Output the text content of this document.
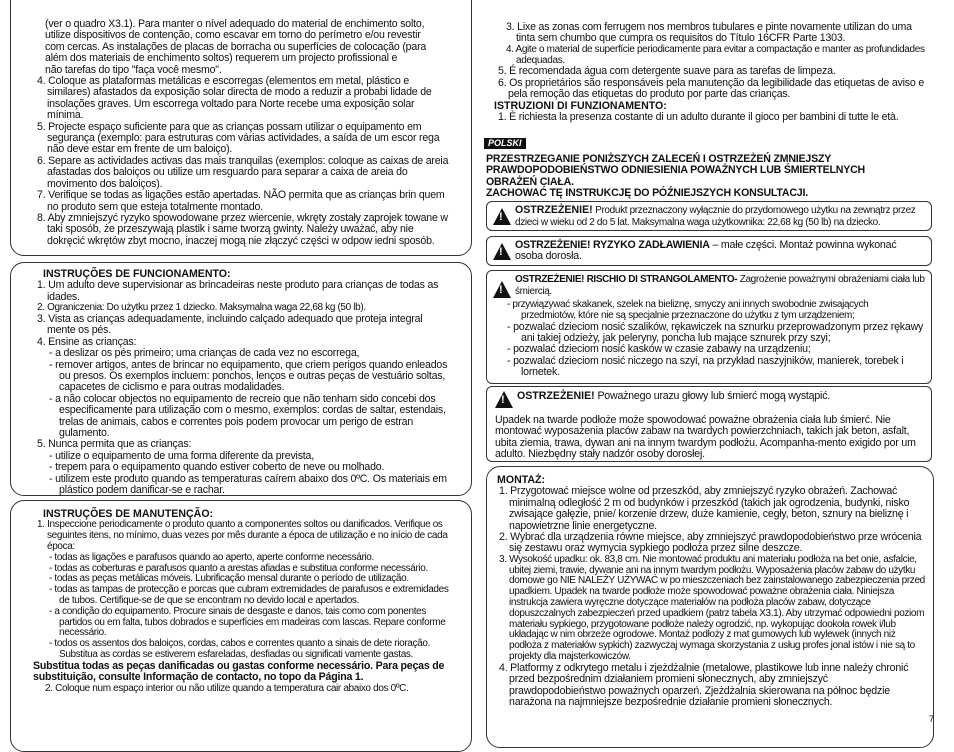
(ver o quadro X3.1). Para manter o nível adequado do material de enchimento solto,

utilize dispositivos de contenção, como escavar em torno do perímetro e/ou revestir

com cercas. As instalações de placas de borracha ou superfícies de colocação (para

além dos materiais de enchimento soltos) requerem um projecto profissional e

não tarefas do tipo "faça você mesmo".

4. Coloque as plataformas metálicas e escorregas (elementos em metal, plástico e similares) afastados da exposição solar directa de modo a reduzir a probabi lidade de insolações graves. Um escorrega voltado para Norte recebe uma exposição solar mínima.

5. Projecte espaço suficiente para que as crianças possam utilizar o equipamento em segurança (exemplo: para estruturas com várias actividades, a saída de um escor rega não deve estar em frente de um baloiço).

6. Separe as actividades activas das mais tranquilas (exemplos: coloque as caixas de areia afastadas dos baloiços ou utilize um resguardo para separar a caixa de areia do movimento dos baloiços).

7. Verifique se todas as ligações estão apertadas. NÃO permita que as crianças brin quem no produto sem que esteja totalmente montado.

8. Aby zmniejszyć ryzyko spowodowane przez wiercenie, wkręty zostały zaprojek towane w taki sposób, że przeszywają plastik i same tworzą gwinty. Należy uważać, aby nie dokręcić wkrętów zbyt mocno, inaczej mogą nie złączyć części w odpow iedni sposób.

INSTRUÇÕES DE FUNCIONAMENTO:

1. Um adulto deve supervisionar as brincadeiras neste produto para crianças de todas as idades.

2. Ograniczenia: Do użytku przez 1 dziecko. Maksymalna waga 22,68 kg (50 lb).

3. Vista as crianças adequadamente, incluindo calçado adequado que proteja integral mente os pés.

4. Ensine as crianças:

- a deslizar os pés primeiro; uma crianças de cada vez no escorrega,

- remover artigos, antes de brincar no equipamento, que criem perigos quando enleados ou presos. Os exemplos incluem: ponchos, lenços e outras peças de vestuário soltas, capacetes de ciclismo e para outras modalidades.

- a não colocar objectos no equipamento de recreio que não tenham sido concebi dos especificamente para utilização com o mesmo, exemplos: cordas de saltar, estendais, trelas de animais, cabos e correntes pois podem provocar um perigo de estran gulamento.

5. Nunca permita que as crianças:

- utilize o equipamento de uma forma diferente da prevista,

- trepem para o equipamento quando estiver coberto de neve ou molhado.

- utilizem este produto quando as temperaturas caírem abaixo dos 0ºC. Os materiais em plástico podem danificar-se e rachar.

INSTRUÇÕES DE MANUTENÇÃO:

1. Inspeccione periodicamente o produto quanto a componentes soltos ou danificados. Verifique os seguintes itens, no mínimo, duas vezes por mês durante a época de utilização e no início de cada época:

- todas as ligações e parafusos quando ao aperto, aperte conforme necessário.

- todas as coberturas e parafusos quanto a arestas afiadas e substitua conforme necessário.

- todas as peças metálicas móveis. Lubrificação mensal durante o período de utilização.

- todas as tampas de protecção e porcas que cubram extremidades de parafusos e extremidades de tubos. Certifique-se de que se encontram no devido local e apertados.

- a condição do equipamento. Procure sinais de desgaste e danos, tais como com ponentes partidos ou em falta, tubos dobrados e superfícies em madeiras com lascas. Repare conforme necessário.

- todos os assentos dos baloiços, cordas, cabos e correntes quanto a sinais de dete rioração. Substitua as cordas se estiverem esfareladas, desfiadas ou significati vamente gastas.

Substitua todas as peças danificadas ou gastas conforme necessário. Para peças de substituição, consulte Informação de contacto, no topo da Página 1.

2. Coloque num espaço interior ou não utilize quando a temperatura cair abaixo dos 0ºC.

3. Lixe as zonas com ferrugem nos membros tubulares e pinte novamente utilizan do uma tinta sem chumbo que cumpra os requisitos do Título 16CFR Parte 1303.

4. Agite o material de superfície periodicamente para evitar a compactação e manter as profundidades adequadas.

5. É recomendada água com detergente suave para as tarefas de limpeza.

6. Os proprietários são responsáveis pela manutenção da legibilidade das etiquetas de aviso e pela remoção das etiquetas do produto por parte das crianças.

ISTRUZIONI DI FUNZIONAMENTO:

1. È richiesta la presenza costante di un adulto durante il gioco per bambini di tutte le età.

POLSKI

PRZESTRZEGANIE PONIŻSZYCH ZALECEŃ I OSTRZEŻEŃ ZMNIEJSZY

PRAWDOPODOBIEŃSTWO ODNIESIENIA POWAŻNYCH LUB ŚMIERTELNYCH

OBRAŻEŃ CIAŁA.

ZACHOWAĆ TĘ INSTRUKCJĘ DO PÓŹNIEJSZYCH KONSULTACJI.

!
OSTRZEŻENIE! Produkt przeznaczony wyłącznie do przydomowego użytku na zewnątrz przez dzieci w wieku od 2 do 5 lat. Maksymalna waga użytkownika: 22,68 kg (50 lb) na dziecko.
!
OSTRZEŻENIE! RYZYKO ZADŁAWIENIA – małe części. Montaż powinna wykonać osoba dorosła.
!
OSTRZEŻENIE! RISCHIO DI STRANGOLAMENTO- Zagrożenie poważnymi obrażeniami ciała lub śmiercią.
- przywiązywać skakanek, szelek na bieliznę, smyczy ani innych swobodnie zwisających przedmiotów, które nie są specjalnie przeznaczone do użytku z tym urządzeniem;
- pozwalać dzieciom nosić szalików, rękawiczek na sznurku przeprowadzonym przez rękawy ani takiej odzieży, jak peleryny, poncha lub mające sznurek przy szyi;
- pozwalać dzieciom nosić kasków w czasie zabawy na urządzeniu;
- pozwalać dzieciom nosić niczego na szyi, na przykład naszyjników, manierek, torebek i lornetek.
! OSTRZEŻENIE! Poważnego urazu głowy lub śmierć mogą wystąpić.

Upadek na twarde podłoże może spowodować poważne obrażenia ciała lub śmierć. Nie montować wyposażenia placów zabaw na twardych powierzchniach, takich jak beton, asfalt, ubita ziemia, trawa, dywan ani na innym twardym podłożu. Acompanha-mento exigido por um adulto. Niezbędny stały nadzór osoby dorosłej.

MONTAŻ:

1. Przygotować miejsce wolne od przeszkód, aby zmniejszyć ryzyko obrażeń. Zachować minimalną odległość 2 m od budynków i przeszkód (takich jak ogrodzenia, budynki, nisko zwisające gałęzie, pnie/ korzenie drzew, duże kamienie, cegły, beton, sznury na bieliznę i napowietrzne linie energetyczne.

2. Wybrać dla urządzenia równe miejsce, aby zmniejszyć prawdopodobieństwo prze wrócenia się zestawu oraz wymycia sypkiego podłoża przez silne deszcze.

3. Wysokość upadku: ok. 83,8 cm. Nie montować produktu ani materiału podłoża na bet onie, asfalcie, ubitej ziemi, trawie, dywanie ani na innym twardym podłożu. Wyposażenia placów zabaw do użytku domowe go NIE NALEŻY UŻYWAĆ w po mieszczeniach bez zainstalowanego zabezpieczenia przed upadkiem. Upadek na twarde podłoże może spowodować poważne obrażenia ciała. Niniejsza instrukcja zawiera wyręczne dotyczące materiałów na podłoża placów zabaw, dotyczące dopuszczalnych zabezpieczeń przed upadkiem (patrz tabela X3.1). Aby utrzymać odpowiedni poziom materiału sypkiego, przygotowane podłoże należy ogrodzić, np. wykopując dookoła rowek i/lub układając w nim obrzeże ogrodowe. Montaż podłoży z mat gumowych lub wylewek (innych niż podłoża z materiałów sypkich) zazwyczaj wymaga skorzystania z usług profes jonal istów i nie są to projekty dla majsterkowiczów.

4. Platformy z odkrytego metalu i zjeżdżalnie (metalowe, plastikowe lub inne należy chronić przed bezpośrednim działaniem promieni słonecznych, aby zmniejszyć prawdopodobieństwo poważnych oparzeń. Zjeżdżalnia skierowana na północ będzie narażona na najmniejsze bezpośrednie działanie promieni słonecznych.

7
